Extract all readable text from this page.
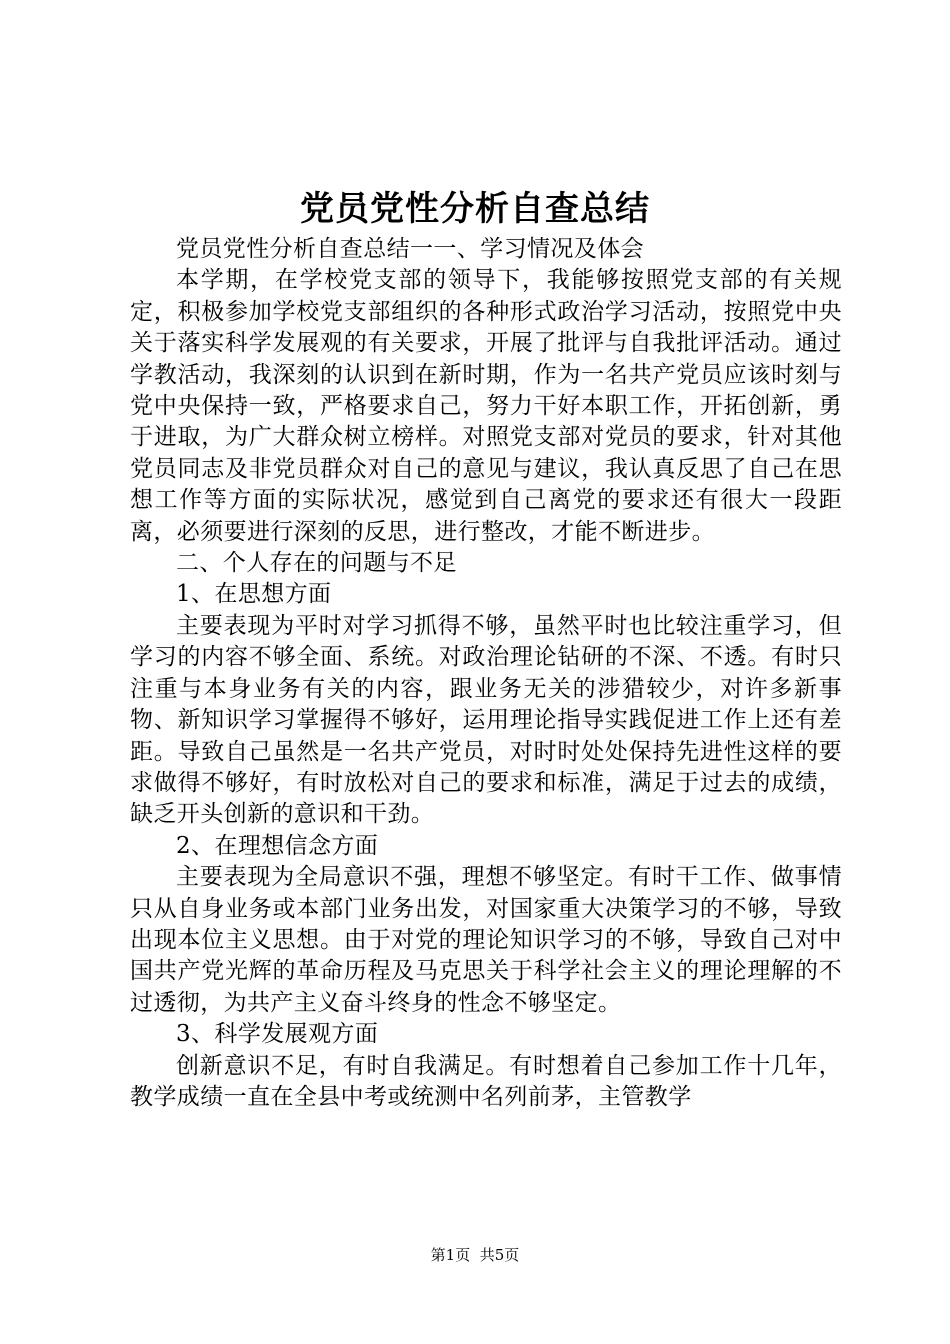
党员党性分析自查总结

党员党性分析自查总结一一、学习情况及体会

本学期，在学校党支部的领导下，我能够按照党支部的有关规定，积极参加学校党支部组织的各种形式政治学习活动，按照党中央关于落实科学发展观的有关要求，开展了批评与自我批评活动。通过学教活动，我深刻的认识到在新时期，作为一名共产党员应该时刻与党中央保持一致，严格要求自己，努力干好本职工作，开拓创新，勇于进取，为广大群众树立榜样。对照党支部对党员的要求，针对其他党员同志及非党员群众对自己的意见与建议，我认真反思了自己在思想工作等方面的实际状况，感觉到自己离党的要求还有很大一段距离，必须要进行深刻的反思，进行整改，才能不断进步。

二、个人存在的问题与不足

1、在思想方面

主要表现为平时对学习抓得不够，虽然平时也比较注重学习，但学习的内容不够全面、系统。对政治理论钻研的不深、不透。有时只注重与本身业务有关的内容，跟业务无关的涉猎较少，对许多新事物、新知识学习掌握得不够好，运用理论指导实践促进工作上还有差距。导致自己虽然是一名共产党员，对时时处处保持先进性这样的要求做得不够好，有时放松对自己的要求和标准，满足于过去的成绩，缺乏开头创新的意识和干劲。

2、在理想信念方面

主要表现为全局意识不强，理想不够坚定。有时干工作、做事情只从自身业务或本部门业务出发，对国家重大决策学习的不够，导致出现本位主义思想。由于对党的理论知识学习的不够，导致自己对中国共产党光辉的革命历程及马克思关于科学社会主义的理论理解的不过透彻，为共产主义奋斗终身的性念不够坚定。

3、科学发展观方面

创新意识不足，有时自我满足。有时想着自己参加工作十几年，教学成绩一直在全县中考或统测中名列前茅，主管教学

第1页 共5页
